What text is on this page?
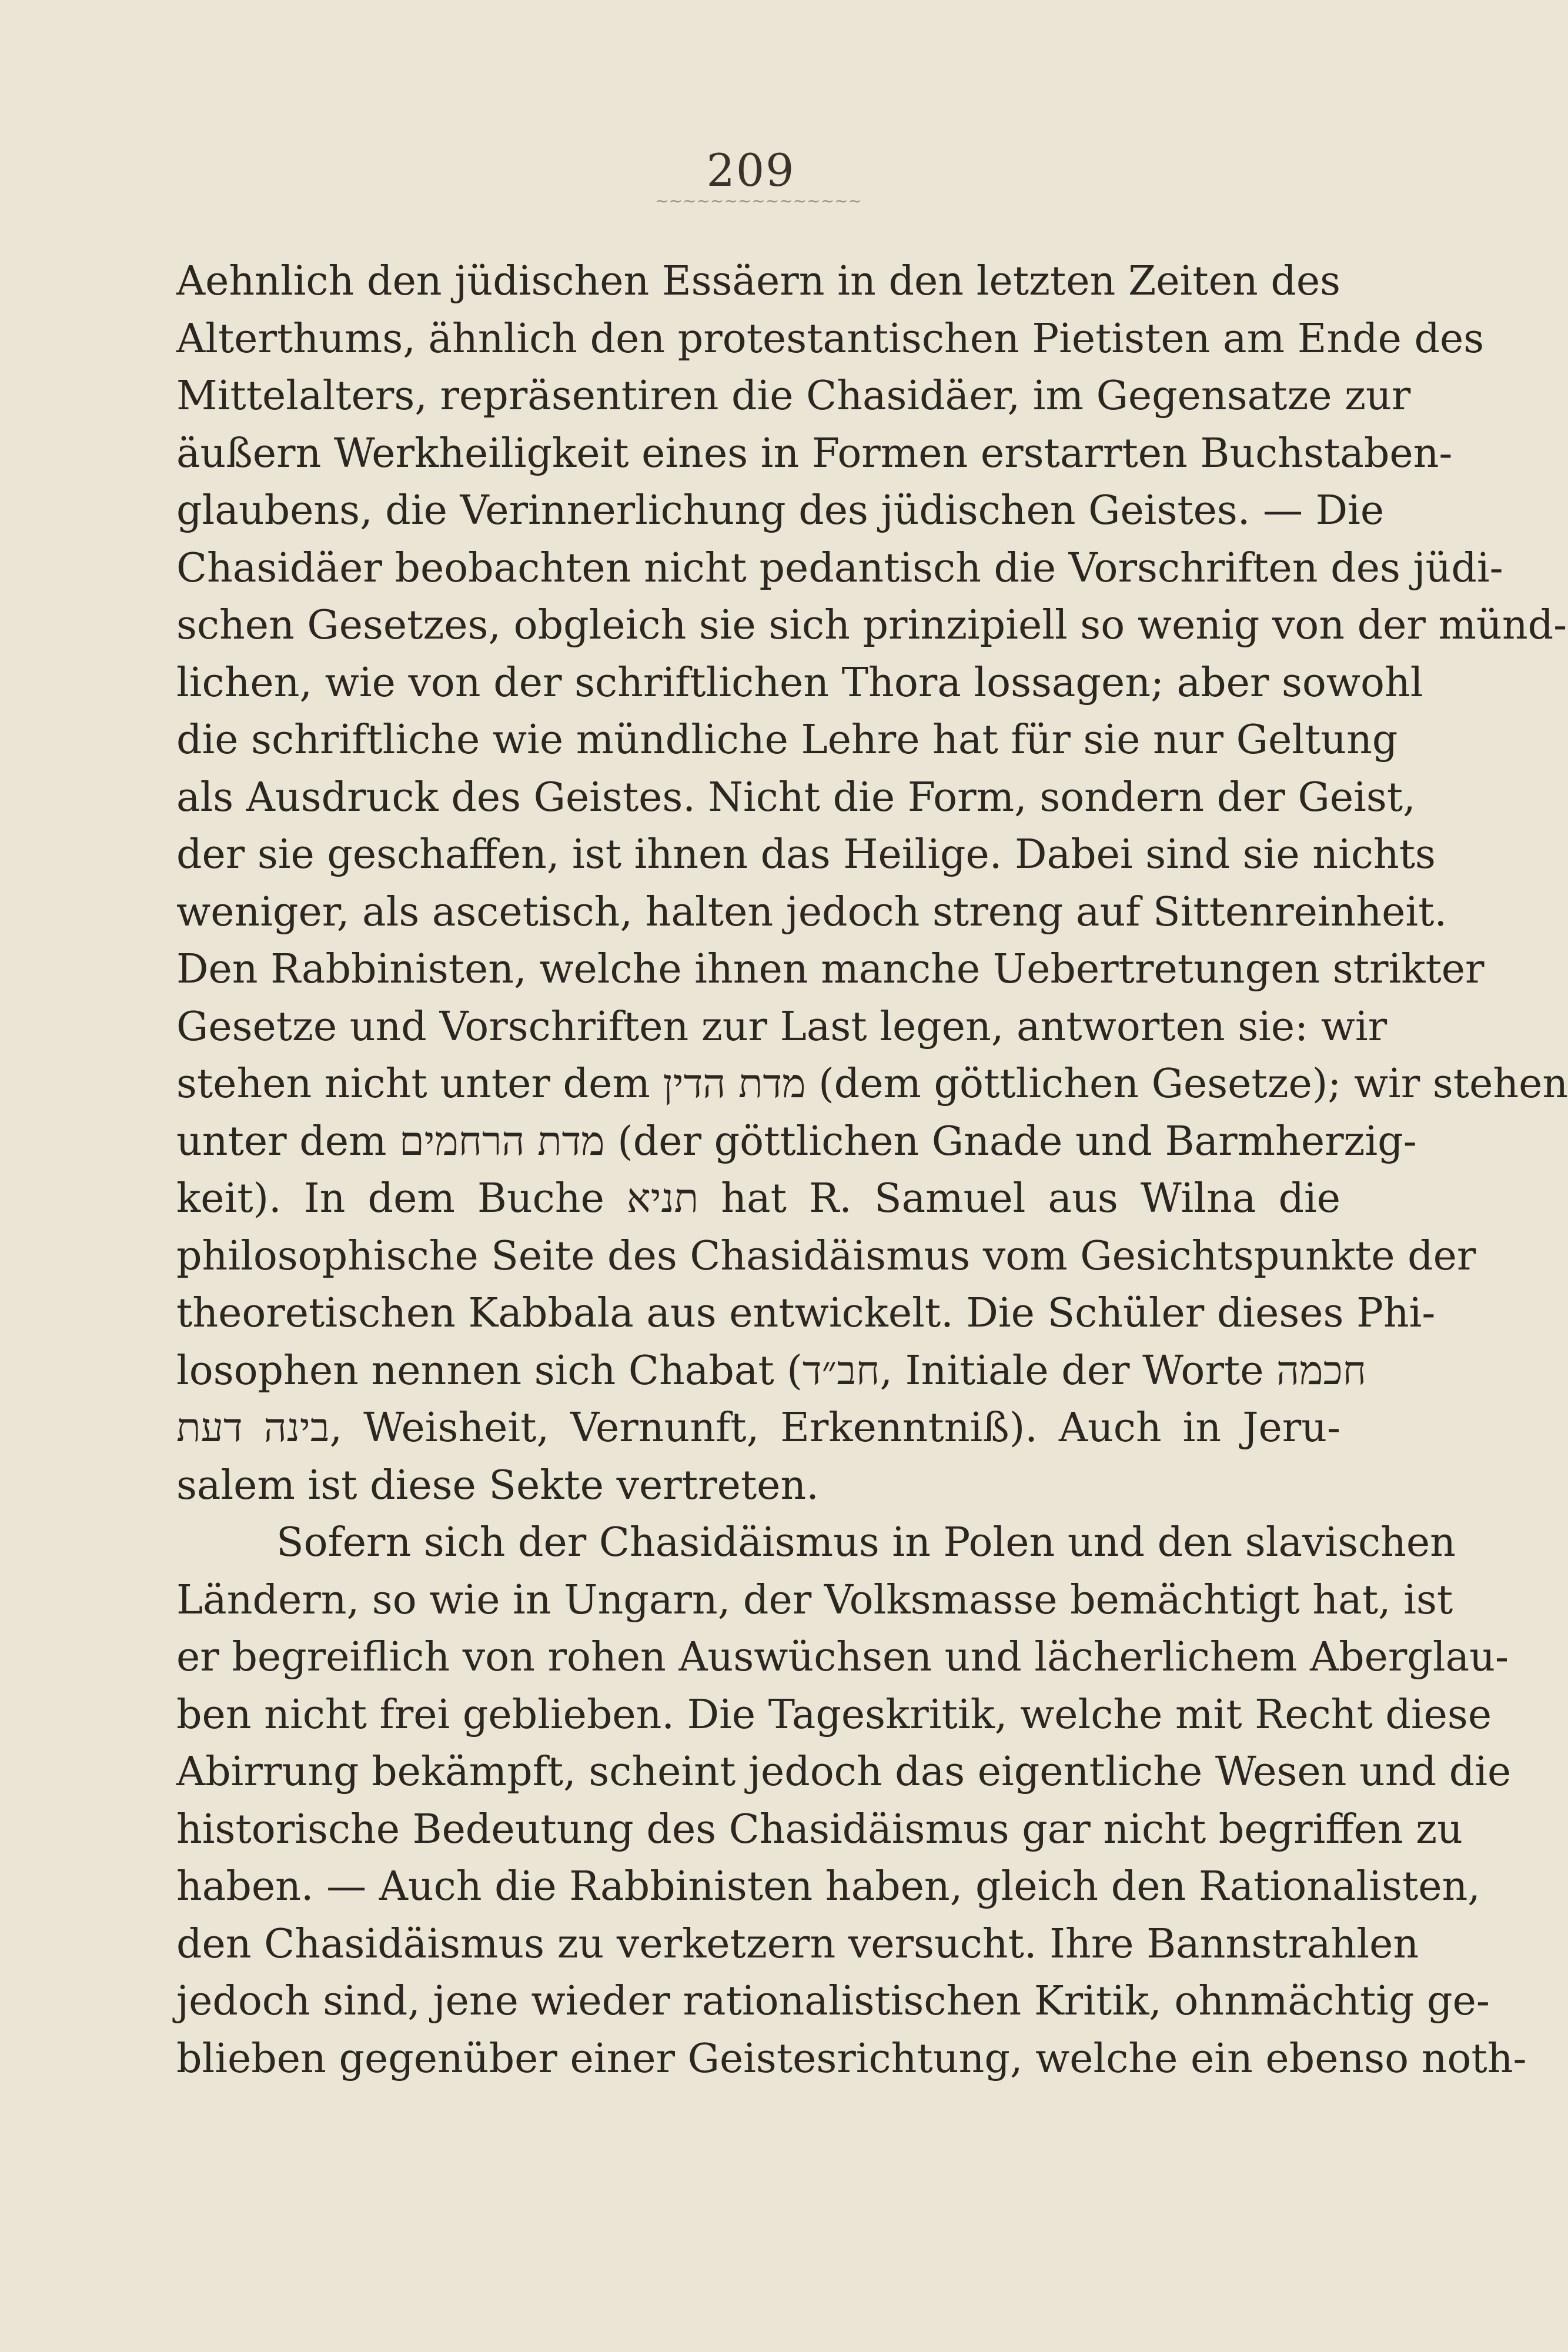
209
~~~~~~~~~~~~~~~
Aehnlich den jüdischen Essäern in den letzten Zeiten des
Alterthums, ähnlich den protestantischen Pietisten am Ende des
Mittelalters, repräsentiren die Chasidäer, im Gegensatze zur
äußern Werkheiligkeit eines in Formen erstarrten Buchstaben-
glaubens, die Verinnerlichung des jüdischen Geistes. — Die
Chasidäer beobachten nicht pedantisch die Vorschriften des jüdi-
schen Gesetzes, obgleich sie sich prinzipiell so wenig von der münd-
lichen, wie von der schriftlichen Thora lossagen; aber sowohl
die schriftliche wie mündliche Lehre hat für sie nur Geltung
als Ausdruck des Geistes. Nicht die Form, sondern der Geist,
der sie geschaffen, ist ihnen das Heilige. Dabei sind sie nichts
weniger, als ascetisch, halten jedoch streng auf Sittenreinheit.
Den Rabbinisten, welche ihnen manche Uebertretungen strikter
Gesetze und Vorschriften zur Last legen, antworten sie: wir
stehen nicht unter dem מדת הדין (dem göttlichen Gesetze); wir stehen
unter dem מדת הרחמים (der göttlichen Gnade und Barmherzig-
keit). In dem Buche תניא hat R. Samuel aus Wilna die
philosophische Seite des Chasidäismus vom Gesichtspunkte der
theoretischen Kabbala aus entwickelt. Die Schüler dieses Phi-
losophen nennen sich Chabat (חב״ד, Initiale der Worte חכמה
בינה דעת, Weisheit, Vernunft, Erkenntniß). Auch in Jeru-
salem ist diese Sekte vertreten.
Sofern sich der Chasidäismus in Polen und den slavischen
Ländern, so wie in Ungarn, der Volksmasse bemächtigt hat, ist
er begreiflich von rohen Auswüchsen und lächerlichem Aberglau-
ben nicht frei geblieben. Die Tageskritik, welche mit Recht diese
Abirrung bekämpft, scheint jedoch das eigentliche Wesen und die
historische Bedeutung des Chasidäismus gar nicht begriffen zu
haben. — Auch die Rabbinisten haben, gleich den Rationalisten,
den Chasidäismus zu verketzern versucht. Ihre Bannstrahlen
jedoch sind, jene wieder rationalistischen Kritik, ohnmächtig ge-
blieben gegenüber einer Geistesrichtung, welche ein ebenso noth-
